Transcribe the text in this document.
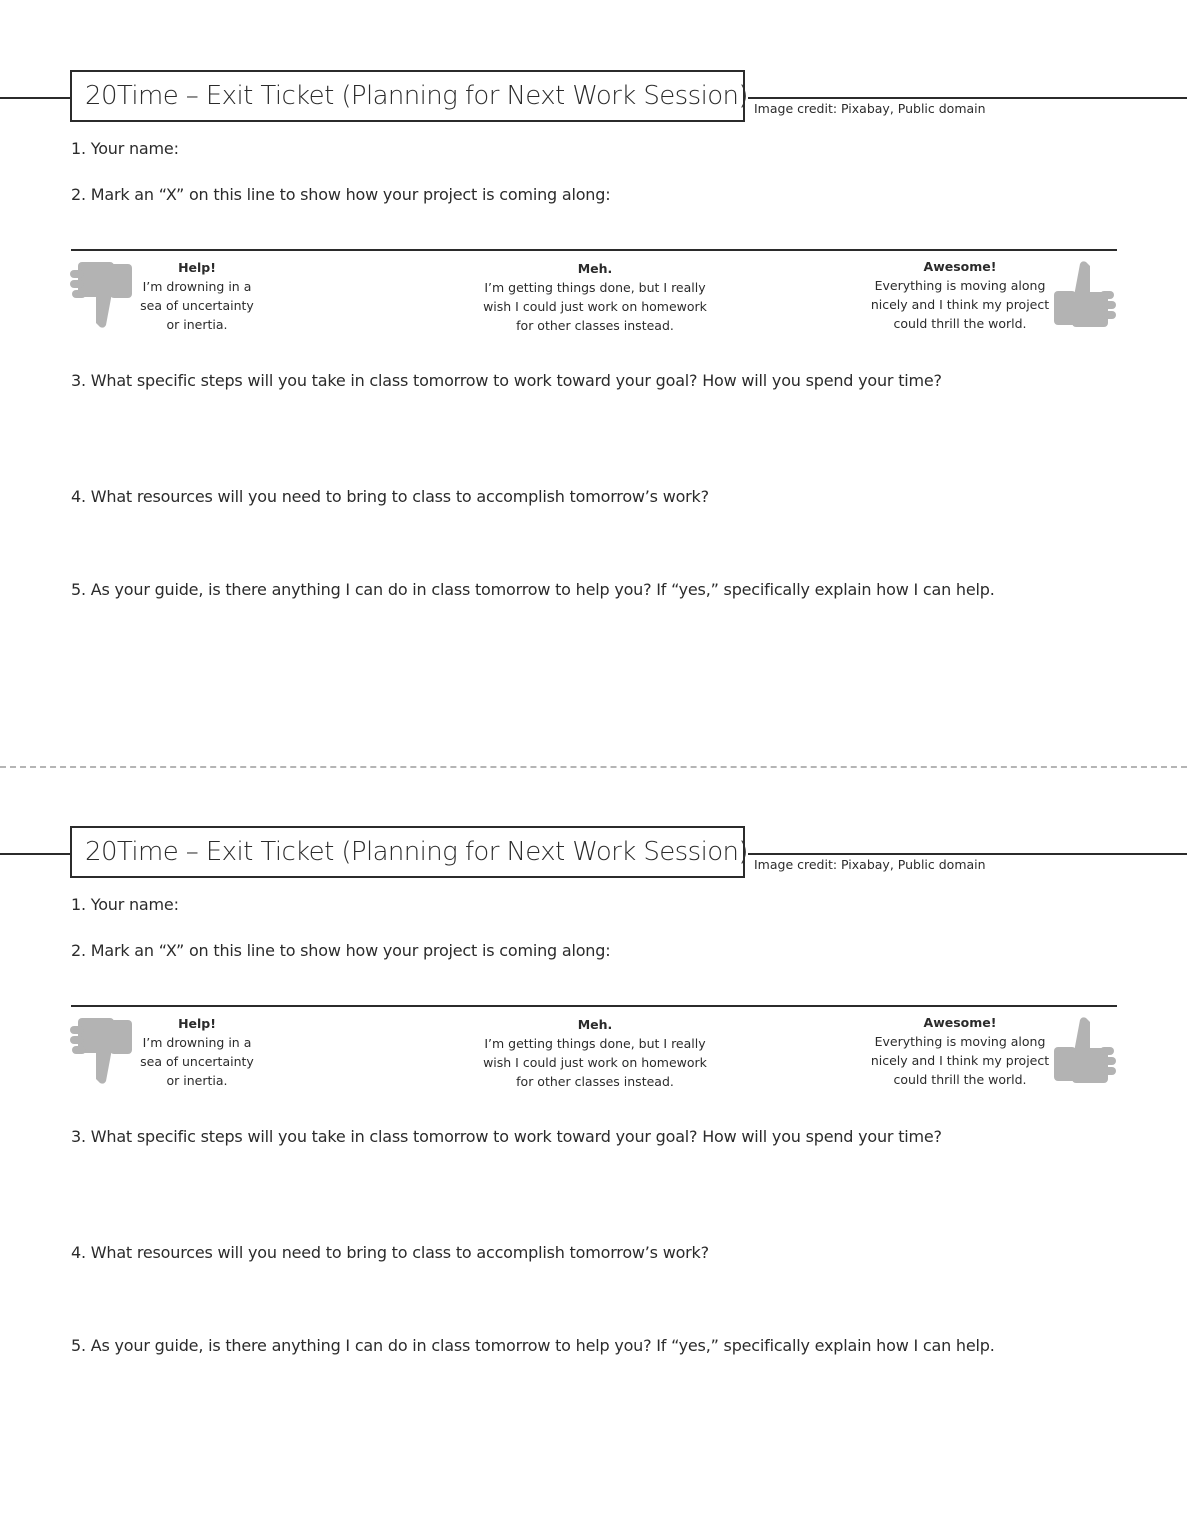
20Time – Exit Ticket (Planning for Next Work Session) Image credit: Pixabay, Public domain
1. Your name:
2. Mark an “X” on this line to show how your project is coming along:
Help!
I’m drowning in a
sea of uncertainty
or inertia.
Meh.
I’m getting things done, but I really
wish I could just work on homework
for other classes instead.
Awesome!
Everything is moving along
nicely and I think my project
could thrill the world.
3. What specific steps will you take in class tomorrow to work toward your goal? How will you spend your time?
4. What resources will you need to bring to class to accomplish tomorrow’s work?
5. As your guide, is there anything I can do in class tomorrow to help you? If “yes,” specifically explain how I can help.
20Time – Exit Ticket (Planning for Next Work Session) Image credit: Pixabay, Public domain
1. Your name:
2. Mark an “X” on this line to show how your project is coming along:
Help!
I’m drowning in a
sea of uncertainty
or inertia.
Meh.
I’m getting things done, but I really
wish I could just work on homework
for other classes instead.
Awesome!
Everything is moving along
nicely and I think my project
could thrill the world.
3. What specific steps will you take in class tomorrow to work toward your goal? How will you spend your time?
4. What resources will you need to bring to class to accomplish tomorrow’s work?
5. As your guide, is there anything I can do in class tomorrow to help you? If “yes,” specifically explain how I can help.
